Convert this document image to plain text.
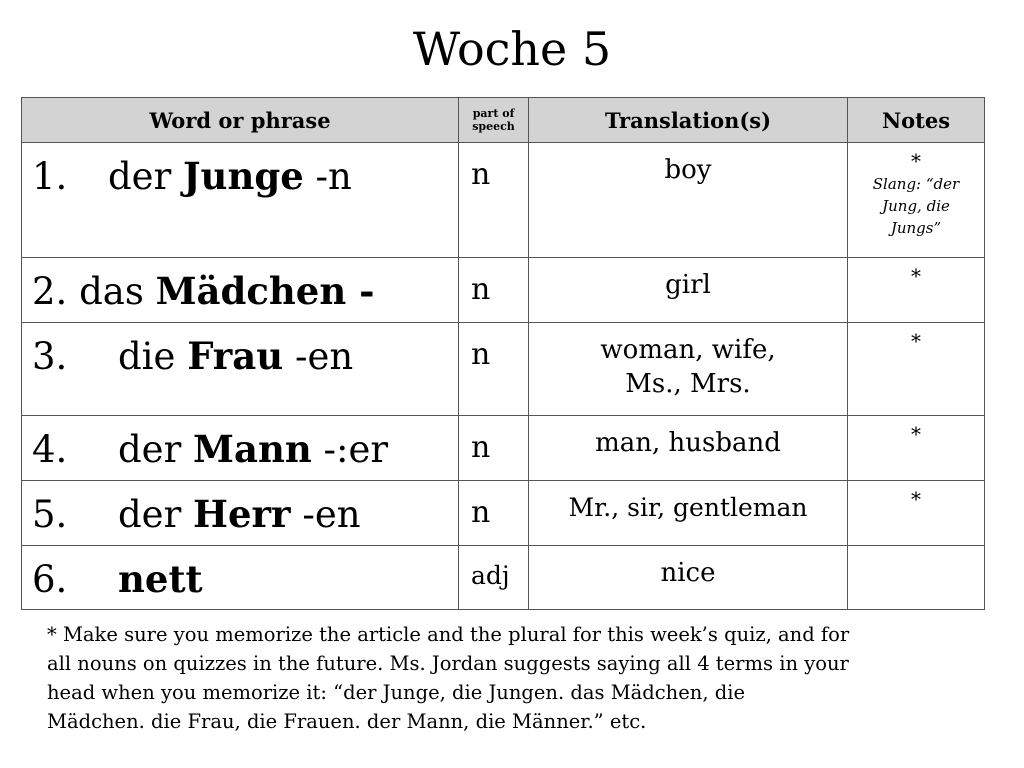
Woche 5
Word or phrase	part of
speech	Translation(s)	Notes

1. der Junge -n	n	boy	*
Slang: “der
Jung, die
Jungs”

2. das Mädchen -	n	girl	*

3. die Frau -en	n	woman, wife,
Ms., Mrs.	*

4. der Mann -:er	n	man, husband	*

5. der Herr -en	n	Mr., sir, gentleman	*

6. nett	adj	nice	

* Make sure you memorize the article and the plural for this week’s quiz, and for
all nouns on quizzes in the future. Ms. Jordan suggests saying all 4 terms in your
head when you memorize it: “der Junge, die Jungen. das Mädchen, die
Mädchen. die Frau, die Frauen. der Mann, die Männer.” etc.
